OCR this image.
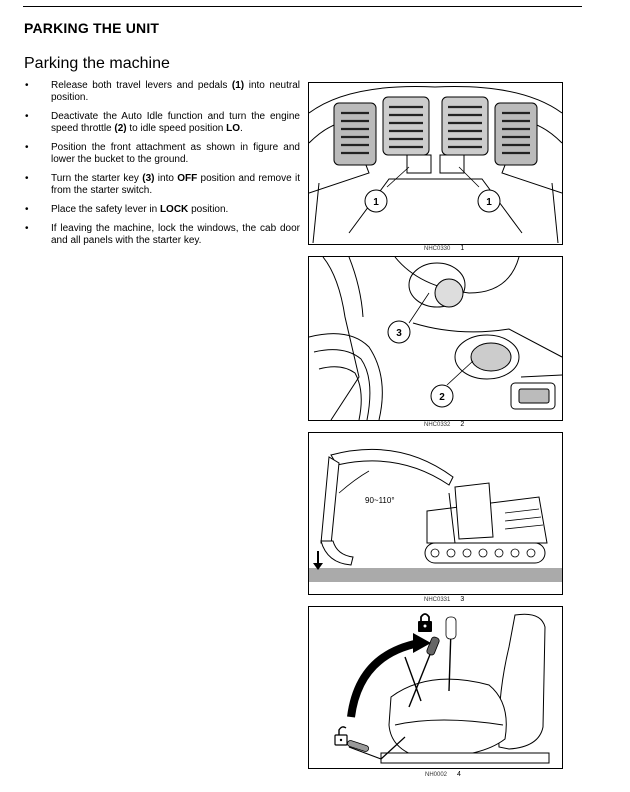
PARKING THE UNIT
Parking the machine
• Release both travel levers and pedals (1) into neutral position.
• Deactivate the Auto Idle function and turn the engine speed throttle (2) to idle speed position LO.
• Position the front attachment as shown in figure and lower the bucket to the ground.
• Turn the starter key (3) into OFF position and remove it from the starter switch.
• Place the safety lever in LOCK position.
• If leaving the machine, lock the windows, the cab door and all panels with the starter key.
1	1
NHC0330 1
3
2
NHC0332 2
90~110°
NHC0331 3
NH0002 4
